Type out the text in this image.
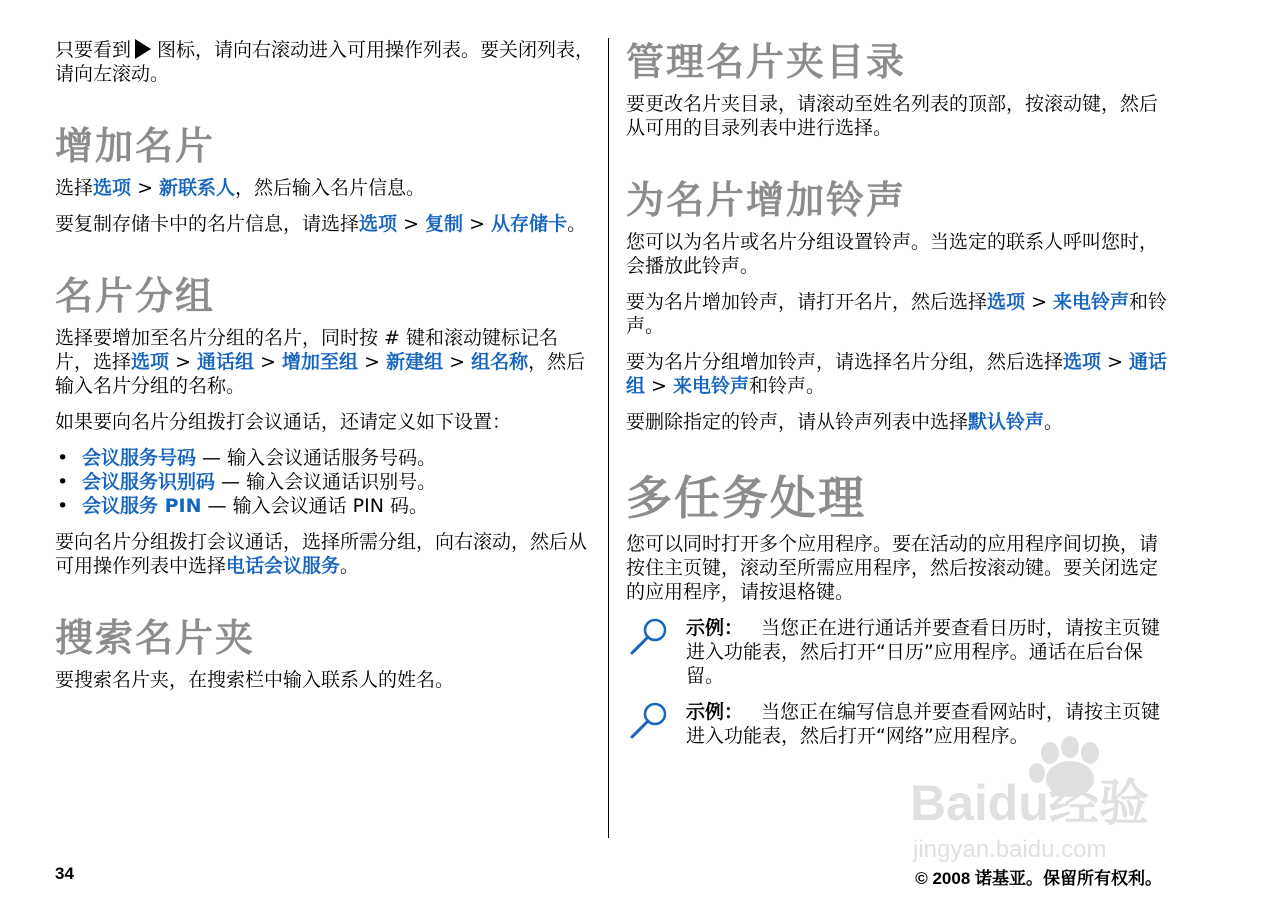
只要看到 图标，请向右滚动进入可用操作列表。要关闭列表，请向左滚动。

增加名片

选择选项 > 新联系人，然后输入名片信息。

要复制存储卡中的名片信息，请选择选项 > 复制 > 从存储卡。

名片分组

选择要增加至名片分组的名片，同时按 # 键和滚动键标记名片，选择选项 > 通话组 > 增加至组 > 新建组 > 组名称，然后输入名片分组的名称。

如果要向名片分组拨打会议通话，还请定义如下设置：

• 会议服务号码 — 输入会议通话服务号码。
• 会议服务识别码 — 输入会议通话识别号。
• 会议服务 PIN — 输入会议通话 PIN 码。

要向名片分组拨打会议通话，选择所需分组，向右滚动，然后从可用操作列表中选择电话会议服务。

搜索名片夹

要搜索名片夹，在搜索栏中输入联系人的姓名。

管理名片夹目录

要更改名片夹目录，请滚动至姓名列表的顶部，按滚动键，然后从可用的目录列表中进行选择。

为名片增加铃声

您可以为名片或名片分组设置铃声。当选定的联系人呼叫您时，会播放此铃声。

要为名片增加铃声，请打开名片，然后选择选项 > 来电铃声和铃声。

要为名片分组增加铃声，请选择名片分组，然后选择选项 > 通话组 > 来电铃声和铃声。

要删除指定的铃声，请从铃声列表中选择默认铃声。

多任务处理

您可以同时打开多个应用程序。要在活动的应用程序间切换，请按住主页键，滚动至所需应用程序，然后按滚动键。要关闭选定的应用程序，请按退格键。

示例： 当您正在进行通话并要查看日历时，请按主页键进入功能表，然后打开“日历”应用程序。通话在后台保留。

示例： 当您正在编写信息并要查看网站时，请按主页键进入功能表，然后打开“网络”应用程序。

Baidu经验
jingyan.baidu.com
34	© 2008 诺基亚。保留所有权利。
